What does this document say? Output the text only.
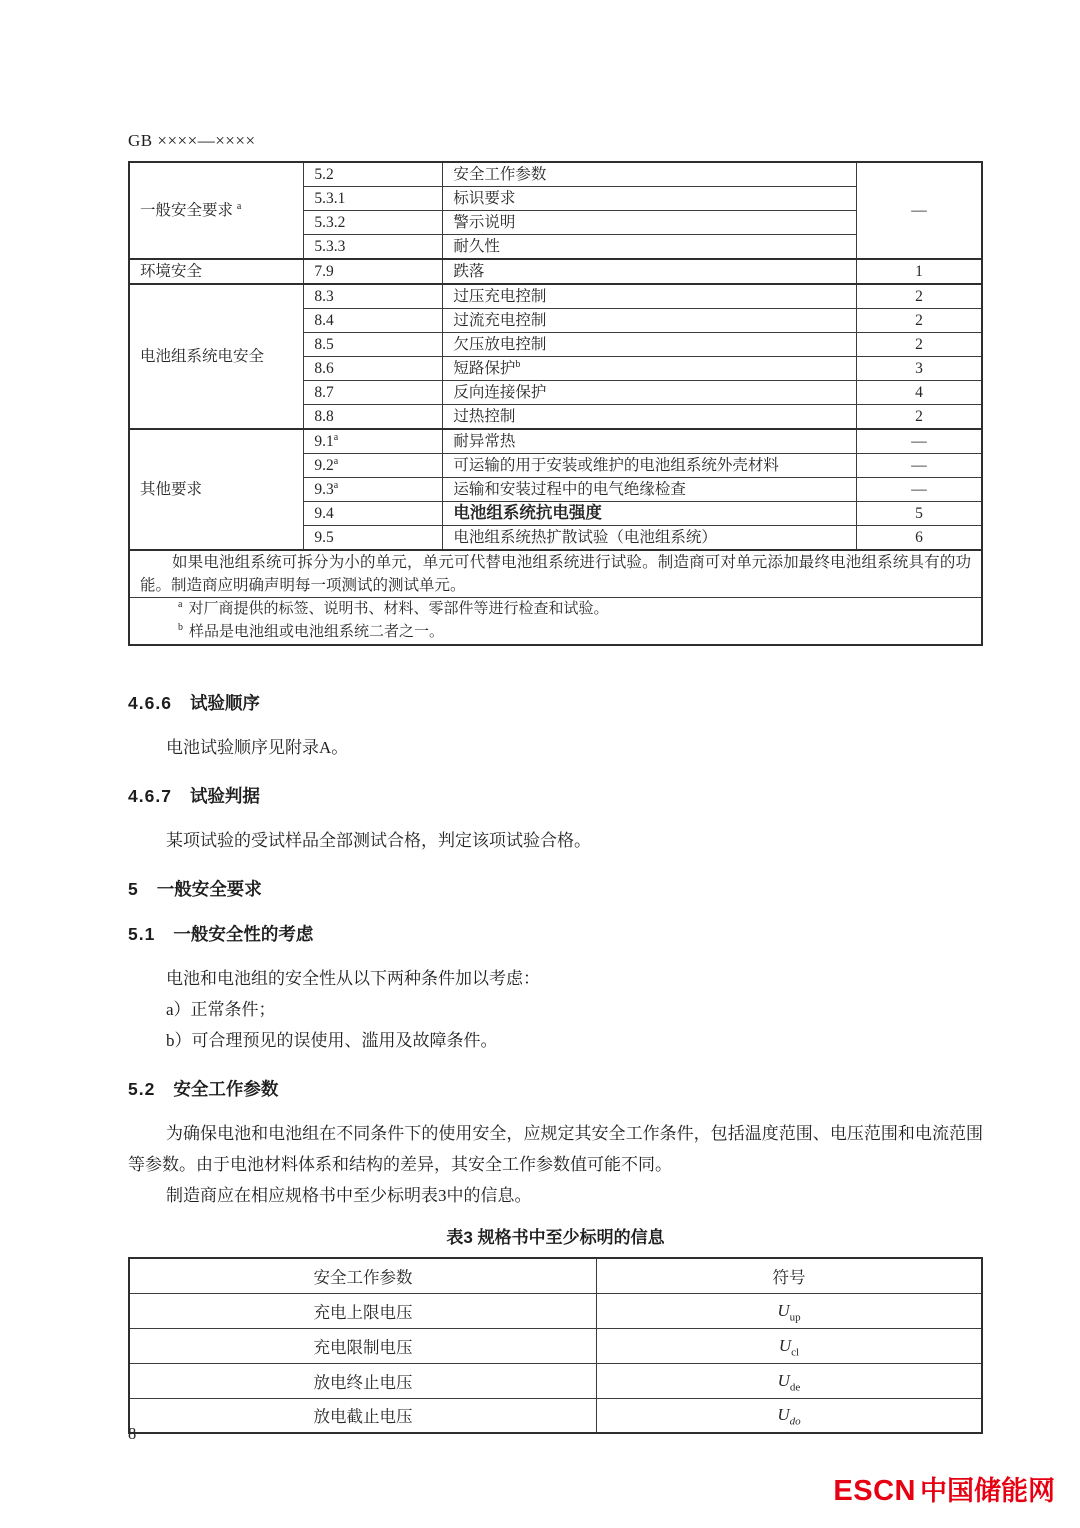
GB ××××—××××
一般安全要求 $^a$	5.2	安全工作参数	—
	5.3.1	标识要求	
	5.3.2	警示说明	
	5.3.3	耐久性	
环境安全	7.9	跌落	1
电池组系统电安全	8.3	过压充电控制	2
	8.4	过流充电控制	2
	8.5	欠压放电控制	2
	8.6	短路保护$^b$	3
	8.7	反向连接保护	4
	8.8	过热控制	2
其他要求	9.1$^a$	耐异常热	—
	9.2$^a$	可运输的用于安装或维护的电池组系统外壳材料	—
	9.3$^a$	运输和安装过程中的电气绝缘检查	—
	9.4	电池组系统抗电强度	5
	9.5	电池组系统热扩散试验（电池组系统）	6

如果电池组系统可拆分为小的单元，单元可代替电池组系统进行试验。制造商可对单元添加最终电池组系统具有的功能。制造商应明确声明每一项测试的测试单元。			

$^a$ 对厂商提供的标签、说明书、材料、零部件等进行检查和试验。
$^b$ 样品是电池组或电池组系统二者之一。			
4.6.6 试验顺序

电池试验顺序见附录A。

4.6.7 试验判据

某项试验的受试样品全部测试合格，判定该项试验合格。

5 一般安全要求
5.1 一般安全性的考虑

电池和电池组的安全性从以下两种条件加以考虑：

a）正常条件；
b）可合理预见的误使用、滥用及故障条件。
5.2 安全工作参数

为确保电池和电池组在不同条件下的使用安全，应规定其安全工作条件，包括温度范围、电压范围和电流范围等参数。由于电池材料体系和结构的差异，其安全工作参数值可能不同。

制造商应在相应规格书中至少标明表3中的信息。

表3 规格书中至少标明的信息
安全工作参数	符号
充电上限电压	$U_{up}$
充电限制电压	$U_{cl}$
放电终止电压	$U_{de}$
放电截止电压	$U_{do}$
8
ESCN 中国储能网
